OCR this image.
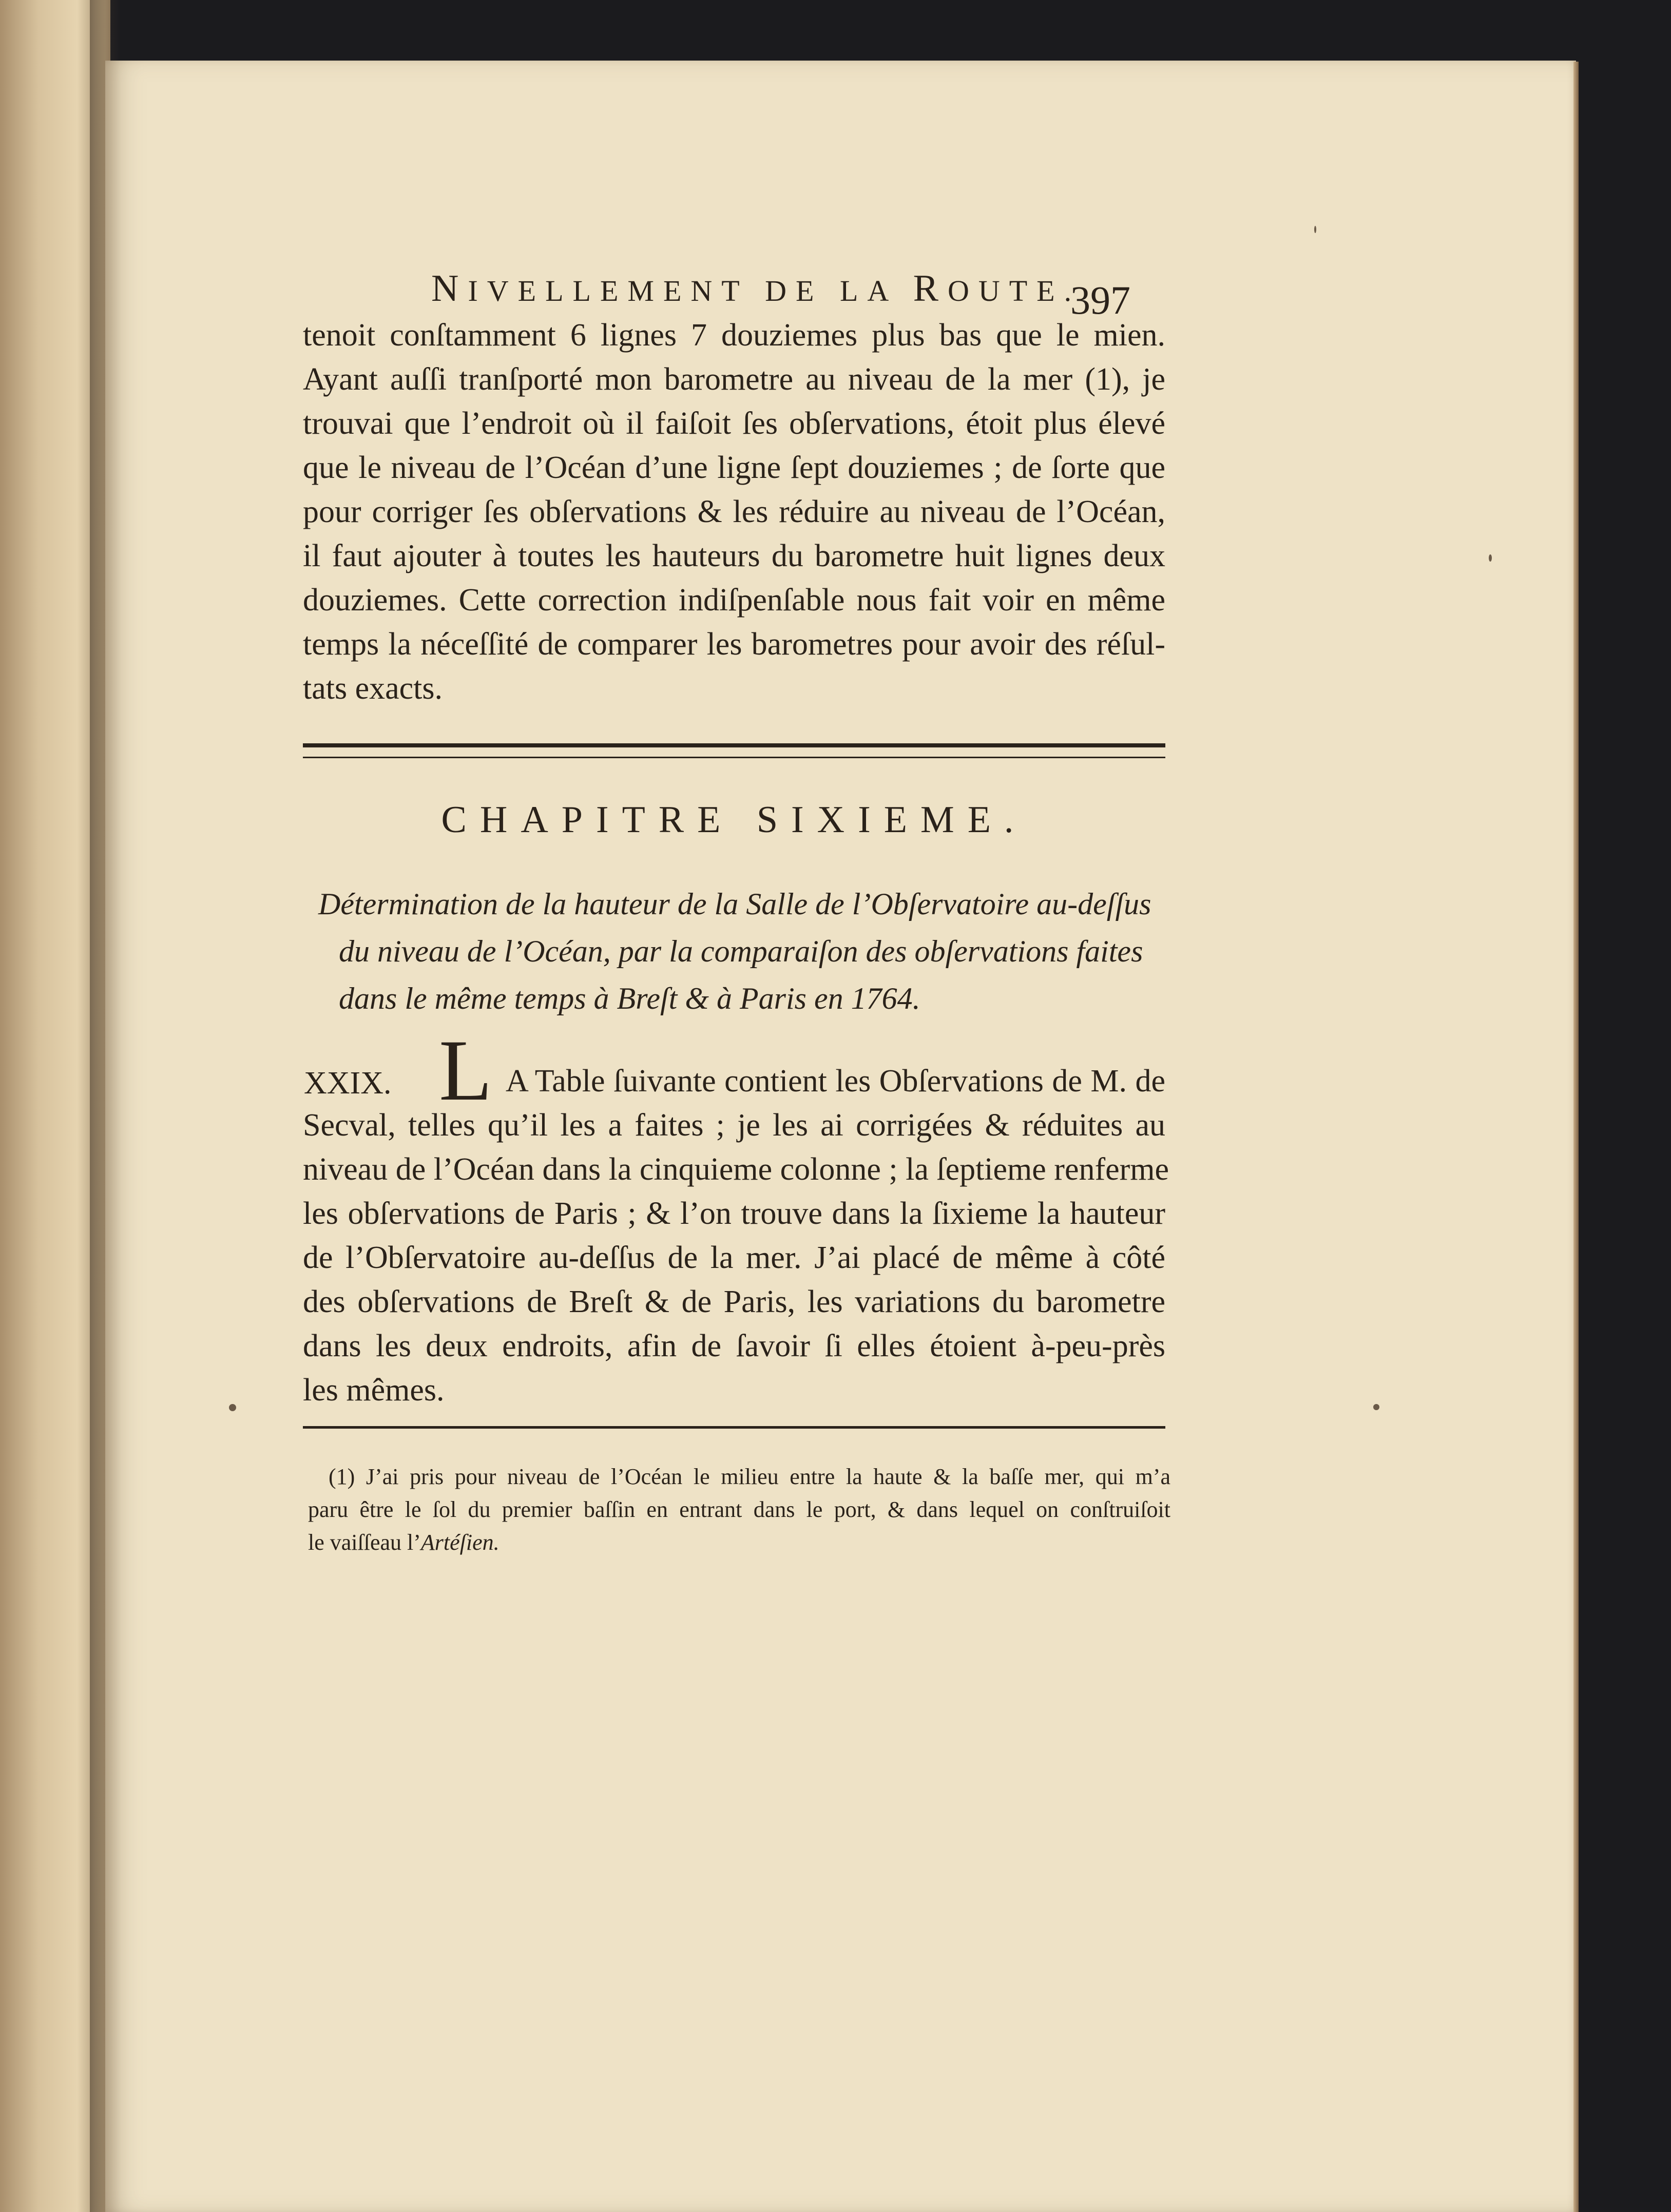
NIVELLEMENT DE LA ROUTE.
397
tenoit conſtamment 6 lignes 7 douziemes plus bas que le mien.
Ayant auſſi tranſporté mon barometre au niveau de la mer (1), je
trouvai que l’endroit où il faiſoit ſes obſervations, étoit plus élevé
que le niveau de l’Océan d’une ligne ſept douziemes ; de ſorte que
pour corriger ſes obſervations & les réduire au niveau de l’Océan,
il faut ajouter à toutes les hauteurs du barometre huit lignes deux
douziemes. Cette correction indiſpenſable nous fait voir en même
temps la néceſſité de comparer les barometres pour avoir des réſul-
tats exacts.
CHAPITRE SIXIEME.
Détermination de la hauteur de la Salle de l’Obſervatoire au-deſſus
du niveau de l’Océan, par la comparaiſon des obſervations faites
dans le même temps à Breſt & à Paris en 1764.
XXIX. L A Table ſuivante contient les Obſervations de M. de
Secval, telles qu’il les a faites ; je les ai corrigées & réduites au
niveau de l’Océan dans la cinquieme colonne ; la ſeptieme renferme
les obſervations de Paris ; & l’on trouve dans la ſixieme la hauteur
de l’Obſervatoire au-deſſus de la mer. J’ai placé de même à côté
des obſervations de Breſt & de Paris, les variations du barometre
dans les deux endroits, afin de ſavoir ſi elles étoient à-peu-près
les mêmes.
(1) J’ai pris pour niveau de l’Océan le milieu entre la haute & la baſſe mer, qui m’a
paru être le ſol du premier baſſin en entrant dans le port, & dans lequel on conſtruiſoit
le vaiſſeau l’Artéſien.
